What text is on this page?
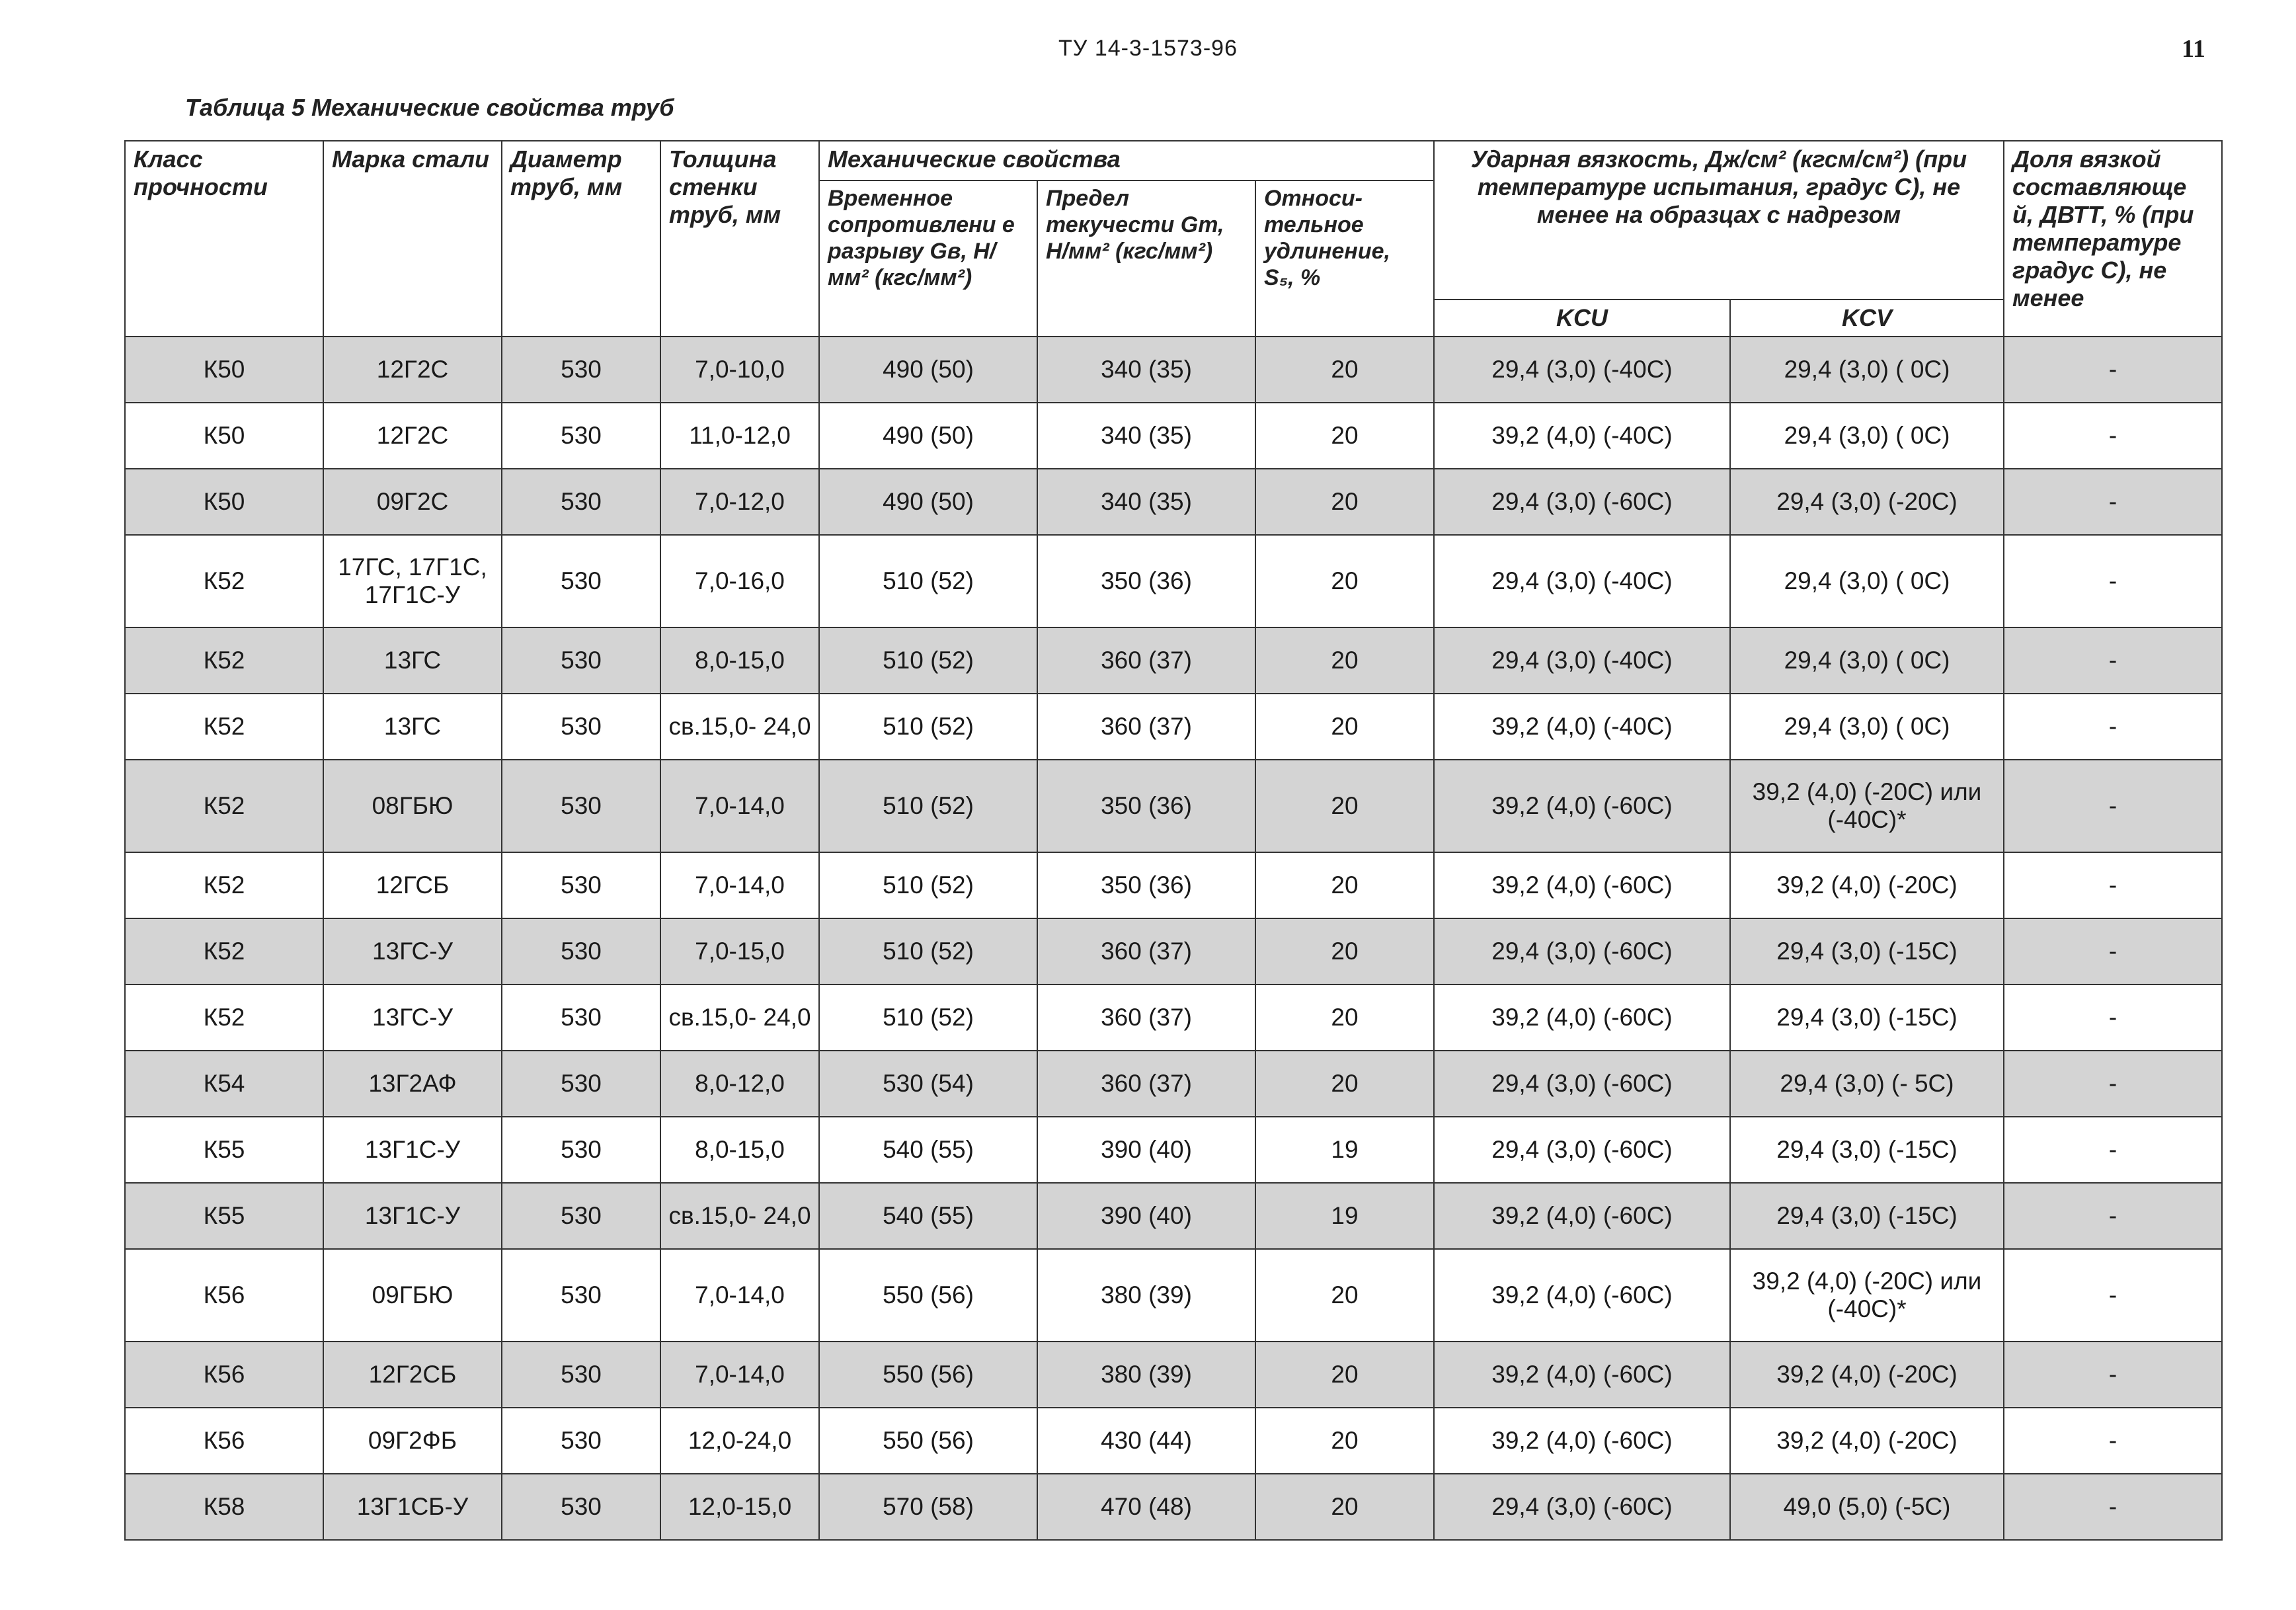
ТУ 14-3-1573-96	11
Таблица 5 Механические свойства труб
Класс прочности	Марка стали	Диаметр труб, мм	Толщина стенки труб, мм	Механические свойства			Ударная вязкость, Дж/см² (кгсм/см²) (при температуре испытания, градус С), не менее на образцах с надрезом		Доля вязкой составляюще й, ДВТТ, % (при температуре градус С), не менее
				Временное сопротивлени е разрыву Gв, Н/мм² (кгс/мм²)	Предел текучести Gт, Н/мм² (кгс/мм²)	Относи-тельное удлинение, S₅, %			
							KCU	KCV	
К50	12Г2С	530	7,0-10,0	490 (50)	340 (35)	20	29,4 (3,0) (-40С)	29,4 (3,0) ( 0С)	-
К50	12Г2С	530	11,0-12,0	490 (50)	340 (35)	20	39,2 (4,0) (-40С)	29,4 (3,0) ( 0С)	-
К50	09Г2С	530	7,0-12,0	490 (50)	340 (35)	20	29,4 (3,0) (-60С)	29,4 (3,0) (-20С)	-
К52	17ГС, 17Г1С, 17Г1С-У	530	7,0-16,0	510 (52)	350 (36)	20	29,4 (3,0) (-40С)	29,4 (3,0) ( 0С)	-
К52	13ГС	530	8,0-15,0	510 (52)	360 (37)	20	29,4 (3,0) (-40С)	29,4 (3,0) ( 0С)	-
К52	13ГС	530	св.15,0- 24,0	510 (52)	360 (37)	20	39,2 (4,0) (-40С)	29,4 (3,0) ( 0С)	-
К52	08ГБЮ	530	7,0-14,0	510 (52)	350 (36)	20	39,2 (4,0) (-60С)	39,2 (4,0) (-20С) или (-40С)*	-
К52	12ГСБ	530	7,0-14,0	510 (52)	350 (36)	20	39,2 (4,0) (-60С)	39,2 (4,0) (-20С)	-
К52	13ГС-У	530	7,0-15,0	510 (52)	360 (37)	20	29,4 (3,0) (-60С)	29,4 (3,0) (-15С)	-
К52	13ГС-У	530	св.15,0- 24,0	510 (52)	360 (37)	20	39,2 (4,0) (-60С)	29,4 (3,0) (-15С)	-
К54	13Г2АФ	530	8,0-12,0	530 (54)	360 (37)	20	29,4 (3,0) (-60С)	29,4 (3,0) (- 5С)	-
К55	13Г1С-У	530	8,0-15,0	540 (55)	390 (40)	19	29,4 (3,0) (-60С)	29,4 (3,0) (-15С)	-
К55	13Г1С-У	530	св.15,0- 24,0	540 (55)	390 (40)	19	39,2 (4,0) (-60С)	29,4 (3,0) (-15С)	-
К56	09ГБЮ	530	7,0-14,0	550 (56)	380 (39)	20	39,2 (4,0) (-60С)	39,2 (4,0) (-20С) или (-40С)*	-
К56	12Г2СБ	530	7,0-14,0	550 (56)	380 (39)	20	39,2 (4,0) (-60С)	39,2 (4,0) (-20С)	-
К56	09Г2ФБ	530	12,0-24,0	550 (56)	430 (44)	20	39,2 (4,0) (-60С)	39,2 (4,0) (-20С)	-
К58	13Г1СБ-У	530	12,0-15,0	570 (58)	470 (48)	20	29,4 (3,0) (-60С)	49,0 (5,0) (-5С)	-
